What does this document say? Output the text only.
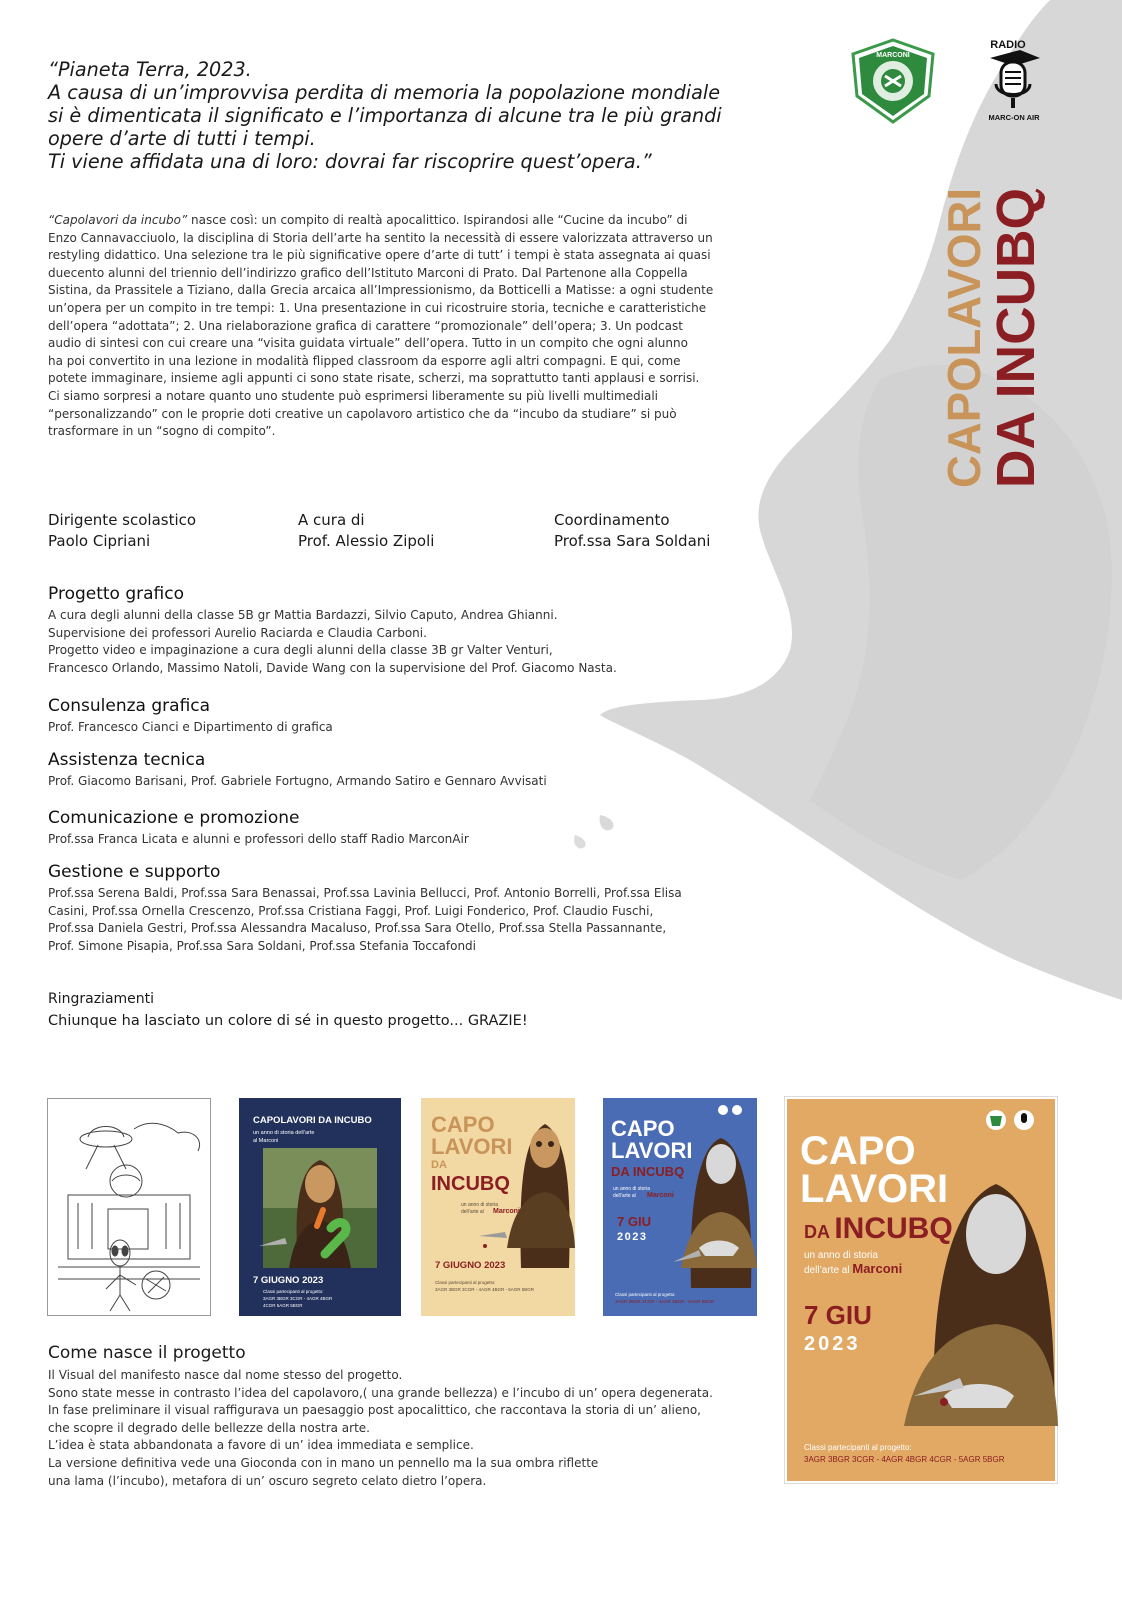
MARCONI
RADIO
MARC-ON AIR
CAPOLAVORI
DA INCUBQ
“Pianeta Terra, 2023.
A causa di un’improvvisa perdita di memoria la popolazione mondiale
si è dimenticata il significato e l’importanza di alcune tra le più grandi
opere d’arte di tutti i tempi.
Ti viene affidata una di loro: dovrai far riscoprire quest’opera.”
“Capolavori da incubo” nasce così: un compito di realtà apocalittico. Ispirandosi alle “Cucine da incubo” di
Enzo Cannavacciuolo, la disciplina di Storia dell’arte ha sentito la necessità di essere valorizzata attraverso un
restyling didattico. Una selezione tra le più significative opere d’arte di tutt’ i tempi è stata assegnata ai quasi
duecento alunni del triennio dell’indirizzo grafico dell’Istituto Marconi di Prato. Dal Partenone alla Coppella
Sistina, da Prassitele a Tiziano, dalla Grecia arcaica all’Impressionismo, da Botticelli a Matisse: a ogni studente
un’opera per un compito in tre tempi: 1. Una presentazione in cui ricostruire storia, tecniche e caratteristiche
dell’opera “adottata”; 2. Una rielaborazione grafica di carattere “promozionale” dell’opera; 3. Un podcast
audio di sintesi con cui creare una “visita guidata virtuale” dell’opera. Tutto in un compito che ogni alunno
ha poi convertito in una lezione in modalità flipped classroom da esporre agli altri compagni. E qui, come
potete immaginare, insieme agli appunti ci sono state risate, scherzi, ma soprattutto tanti applausi e sorrisi.
Ci siamo sorpresi a notare quanto uno studente può esprimersi liberamente su più livelli multimediali
“personalizzando” con le proprie doti creative un capolavoro artistico che da “incubo da studiare” si può
trasformare in un “sogno di compito”.
Dirigente scolastico
Paolo Cipriani
A cura di
Prof. Alessio Zipoli
Coordinamento
Prof.ssa Sara Soldani
Progetto grafico
A cura degli alunni della classe 5B gr Mattia Bardazzi, Silvio Caputo, Andrea Ghianni.
Supervisione dei professori Aurelio Raciarda e Claudia Carboni.
Progetto video e impaginazione a cura degli alunni della classe 3B gr Valter Venturi,
Francesco Orlando, Massimo Natoli, Davide Wang con la supervisione del Prof. Giacomo Nasta.
Consulenza grafica
Prof. Francesco Cianci e Dipartimento di grafica
Assistenza tecnica
Prof. Giacomo Barisani, Prof. Gabriele Fortugno, Armando Satiro e Gennaro Avvisati
Comunicazione e promozione
Prof.ssa Franca Licata e alunni e professori dello staff Radio MarconAir
Gestione e supporto
Prof.ssa Serena Baldi, Prof.ssa Sara Benassai, Prof.ssa Lavinia Bellucci, Prof. Antonio Borrelli, Prof.ssa Elisa
Casini, Prof.ssa Ornella Crescenzo, Prof.ssa Cristiana Faggi, Prof. Luigi Fonderico, Prof. Claudio Fuschi,
Prof.ssa Daniela Gestri, Prof.ssa Alessandra Macaluso, Prof.ssa Sara Otello, Prof.ssa Stella Passannante,
Prof. Simone Pisapia, Prof.ssa Sara Soldani, Prof.ssa Stefania Toccafondi
Ringraziamenti
Chiunque ha lasciato un colore di sé in questo progetto... GRAZIE!
CAPOLAVORI DA INCUBO
un anno di storia dell’arte
al Marconi
7 GIUGNO 2023
Classi partecipanti al progetto:
3AGR 3BGR 3CGR - 4AGR 4BGR
4CGR 5AGR 5BGR
CAPO
LAVORI
DA
INCUBQ
un anno di storia
dell’arte al Marconi
7 GIUGNO 2023
Classi partecipanti al progetto:
3AGR 3BGR 3CGR - 4AGR 4BGR - 5AGR 5BGR
CAPO
LAVORI
DA INCUBQ
un anno di storia
dell’arte al Marconi
7 GIU
2023
Classi partecipanti al progetto:
3AGR 3BGR 3CGR - 4AGR 4BGR - 5AGR 5BGR
CAPO
LAVORI
DA INCUBQ
un anno di storia
dell’arte al Marconi
7 GIU
2023
Classi partecipanti al progetto:
3AGR 3BGR 3CGR - 4AGR 4BGR 4CGR - 5AGR 5BGR
Come nasce il progetto
Il Visual del manifesto nasce dal nome stesso del progetto.
Sono state messe in contrasto l’idea del capolavoro,( una grande bellezza) e l’incubo di un’ opera degenerata.
In fase preliminare il visual raffigurava un paesaggio post apocalittico, che raccontava la storia di un’ alieno,
che scopre il degrado delle bellezze della nostra arte.
L’idea è stata abbandonata a favore di un’ idea immediata e semplice.
La versione definitiva vede una Gioconda con in mano un pennello ma la sua ombra riflette
una lama (l’incubo), metafora di un’ oscuro segreto celato dietro l’opera.
